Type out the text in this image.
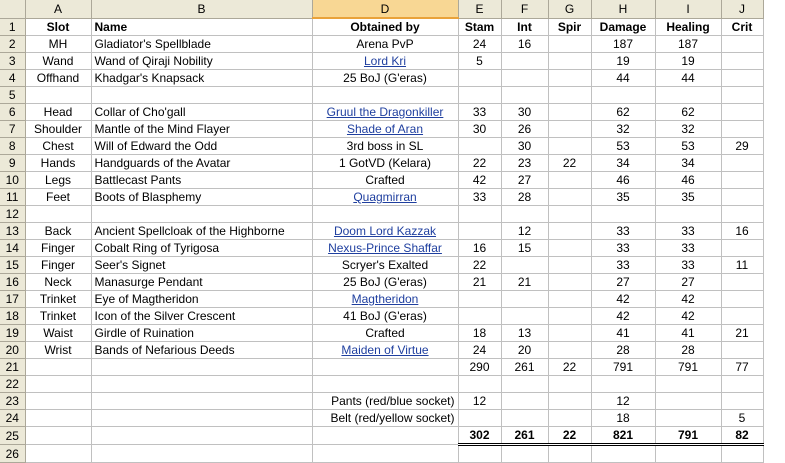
	A	B	D	E	F	G	H	I	J
1	Slot	Name	Obtained by	Stam	Int	Spir	Damage	Healing	Crit
2	MH	Gladiator's Spellblade	Arena PvP	24	16		187	187	
3	Wand	Wand of Qiraji Nobility	Lord Kri	5			19	19	
4	Offhand	Khadgar's Knapsack	25 BoJ (G'eras)				44	44	
5									
6	Head	Collar of Cho'gall	Gruul the Dragonkiller	33	30		62	62	
7	Shoulder	Mantle of the Mind Flayer	Shade of Aran	30	26		32	32	
8	Chest	Will of Edward the Odd	3rd boss in SL		30		53	53	29
9	Hands	Handguards of the Avatar	1 GotVD (Kelara)	22	23	22	34	34	
10	Legs	Battlecast Pants	Crafted	42	27		46	46	
11	Feet	Boots of Blasphemy	Quagmirran	33	28		35	35	
12									
13	Back	Ancient Spellcloak of the Highborne	Doom Lord Kazzak		12		33	33	16
14	Finger	Cobalt Ring of Tyrigosa	Nexus-Prince Shaffar	16	15		33	33	
15	Finger	Seer's Signet	Scryer's Exalted	22			33	33	11
16	Neck	Manasurge Pendant	25 BoJ (G'eras)	21	21		27	27	
17	Trinket	Eye of Magtheridon	Magtheridon				42	42	
18	Trinket	Icon of the Silver Crescent	41 BoJ (G'eras)				42	42	
19	Waist	Girdle of Ruination	Crafted	18	13		41	41	21
20	Wrist	Bands of Nefarious Deeds	Maiden of Virtue	24	20		28	28	
21				290	261	22	791	791	77
22									
23			Pants (red/blue socket)	12			12		
24			Belt (red/yellow socket)				18		5
25				302	261	22	821	791	82
26									
